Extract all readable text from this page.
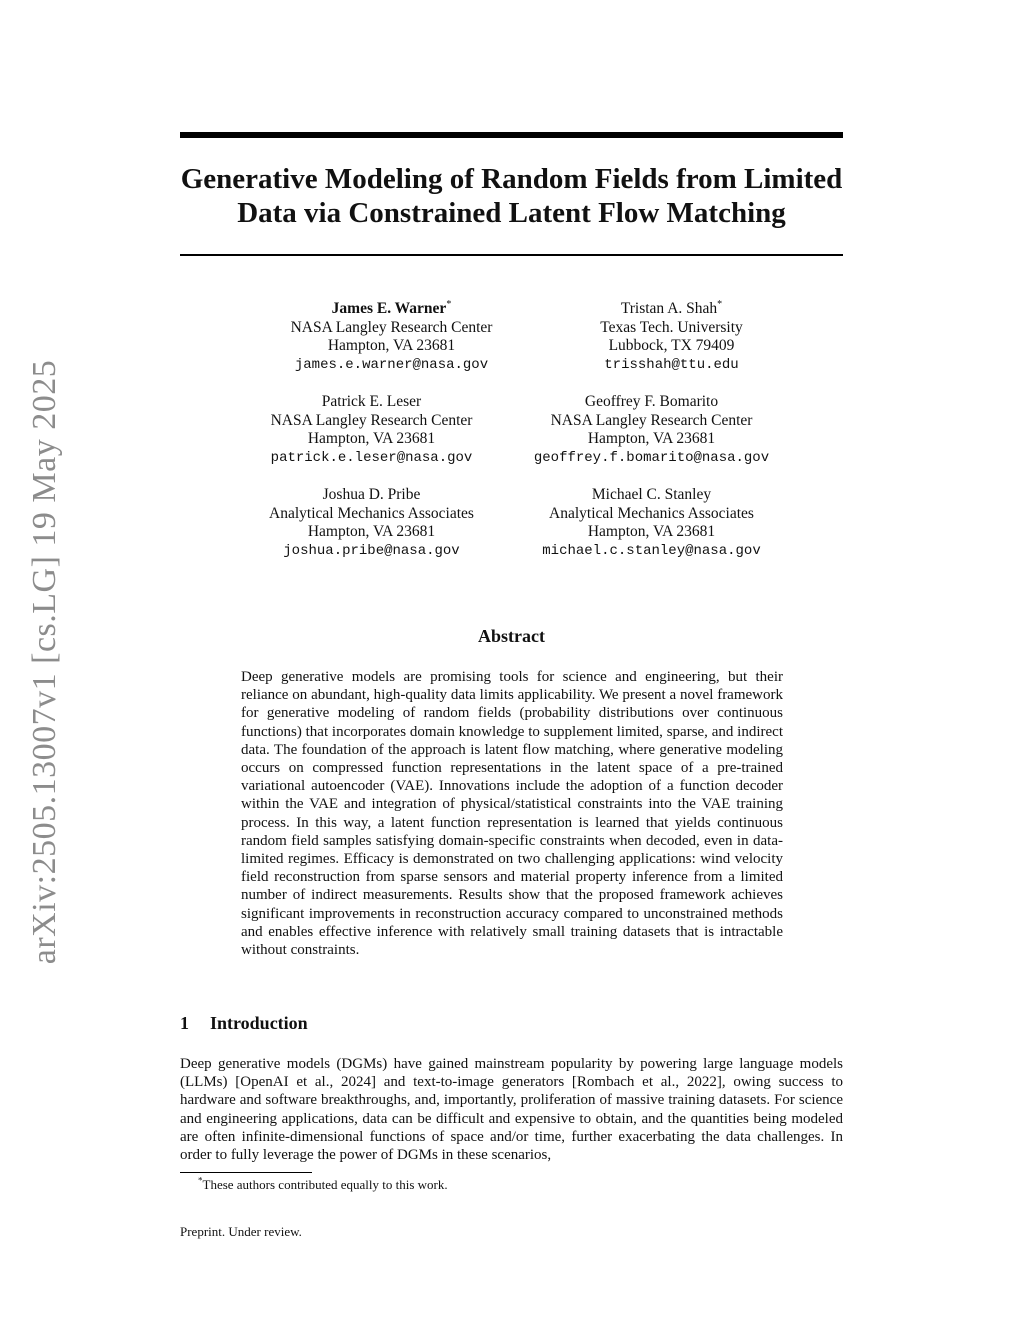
arXiv:2505.13007v1 [cs.LG] 19 May 2025
Generative Modeling of Random Fields from Limited
Data via Constrained Latent Flow Matching
James E. Warner*
NASA Langley Research Center
Hampton, VA 23681
james.e.warner@nasa.gov
Tristan A. Shah*
Texas Tech. University
Lubbock, TX 79409
trisshah@ttu.edu
Patrick E. Leser
NASA Langley Research Center
Hampton, VA 23681
patrick.e.leser@nasa.gov
Geoffrey F. Bomarito
NASA Langley Research Center
Hampton, VA 23681
geoffrey.f.bomarito@nasa.gov
Joshua D. Pribe
Analytical Mechanics Associates
Hampton, VA 23681
joshua.pribe@nasa.gov
Michael C. Stanley
Analytical Mechanics Associates
Hampton, VA 23681
michael.c.stanley@nasa.gov
Abstract
Deep generative models are promising tools for science and engineering, but their reliance on abundant, high-quality data limits applicability. We present a novel framework for generative modeling of random fields (probability distributions over continuous functions) that incorporates domain knowledge to supplement limited, sparse, and indirect data. The foundation of the approach is latent flow matching, where generative modeling occurs on compressed function representations in the latent space of a pre-trained variational autoencoder (VAE). Innovations include the adoption of a function decoder within the VAE and integration of physical/statistical constraints into the VAE training process. In this way, a latent function representation is learned that yields continuous random field samples satisfying domain-specific constraints when decoded, even in data-limited regimes. Efficacy is demonstrated on two challenging applications: wind velocity field reconstruction from sparse sensors and material property inference from a limited number of indirect measurements. Results show that the proposed framework achieves significant improvements in reconstruction accuracy compared to unconstrained methods and enables effective inference with relatively small training datasets that is intractable without constraints.
1 Introduction
Deep generative models (DGMs) have gained mainstream popularity by powering large language models (LLMs) [OpenAI et al., 2024] and text-to-image generators [Rombach et al., 2022], owing success to hardware and software breakthroughs, and, importantly, proliferation of massive training datasets. For science and engineering applications, data can be difficult and expensive to obtain, and the quantities being modeled are often infinite-dimensional functions of space and/or time, further exacerbating the data challenges. In order to fully leverage the power of DGMs in these scenarios,
*These authors contributed equally to this work.
Preprint. Under review.
